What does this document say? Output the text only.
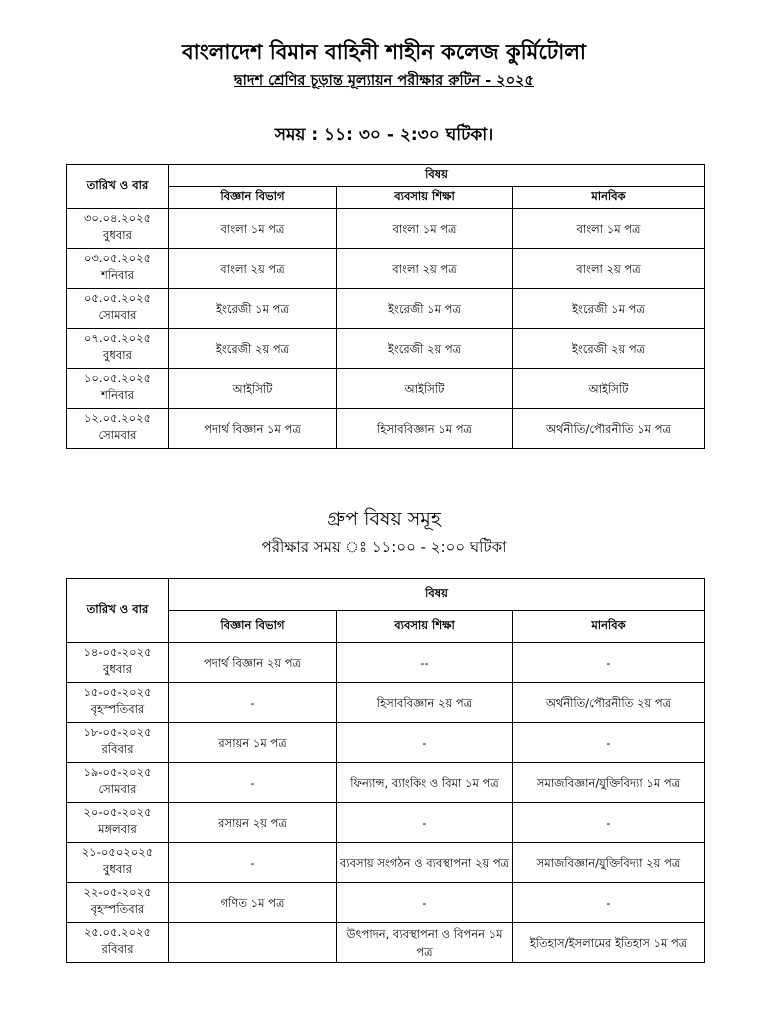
বাংলাদেশ বিমান বাহিনী শাহীন কলেজ কুর্মিটোলা
দ্বাদশ শ্রেণির চূড়ান্ত মূল্যায়ন পরীক্ষার রুটিন - ২০২৫
সময় : ১১: ৩০ - ২:৩০ ঘটিকা।
তারিখ ও বার	বিষয়		
	বিজ্ঞান বিভাগ	ব্যবসায় শিক্ষা	মানবিক

৩০.০৪.২০২৫
বুধবার	বাংলা ১ম পত্র	বাংলা ১ম পত্র	বাংলা ১ম পত্র

০৩.০৫.২০২৫
শনিবার	বাংলা ২য় পত্র	বাংলা ২য় পত্র	বাংলা ২য় পত্র

০৫.০৫.২০২৫
সোমবার	ইংরেজী ১ম পত্র	ইংরেজী ১ম পত্র	ইংরেজী ১ম পত্র

০৭.০৫.২০২৫
বুধবার	ইংরেজী ২য় পত্র	ইংরেজী ২য় পত্র	ইংরেজী ২য় পত্র

১০.০৫.২০২৫
শনিবার	আইসিটি	আইসিটি	আইসিটি

১২.০৫.২০২৫
সোমবার	পদার্থ বিজ্ঞান ১ম পত্র	হিসাববিজ্ঞান ১ম পত্র	অর্থনীতি/পৌরনীতি ১ম পত্র
গ্রুপ বিষয় সমূহ
পরীক্ষার সময় ঃ ১১:০০ - ২:০০ ঘটিকা
তারিখ ও বার	বিষয়		
	বিজ্ঞান বিভাগ	ব্যবসায় শিক্ষা	মানবিক

১৪-০৫-২০২৫
বুধবার	পদার্থ বিজ্ঞান ২য় পত্র	--	-

১৫-০৫-২০২৫
বৃহস্পতিবার	-	হিসাববিজ্ঞান ২য় পত্র	অর্থনীতি/পৌরনীতি ২য় পত্র

১৮-০৫-২০২৫
রবিবার	রসায়ন ১ম পত্র	-	-

১৯-০৫-২০২৫
সোমবার	-	ফিন্যান্স, ব্যাংকিং ও বিমা ১ম পত্র	সমাজবিজ্ঞান/যুক্তিবিদ্যা ১ম পত্র

২০-০৫-২০২৫
মঙ্গলবার	রসায়ন ২য় পত্র	-	-

২১-০৫০২০২৫
বুধবার	-	ব্যবসায় সংগঠন ও ব্যবস্থাপনা ২য় পত্র	সমাজবিজ্ঞান/যুক্তিবিদ্যা ২য় পত্র

২২-০৫-২০২৫
বৃহস্পতিবার	গণিত ১ম পত্র	-	-

২৫.০৫.২০২৫
রবিবার		উৎপাদন, ব্যবস্থাপনা ও বিপনন ১ম পত্র	ইতিহাস/ইসলামের ইতিহাস ১ম পত্র
